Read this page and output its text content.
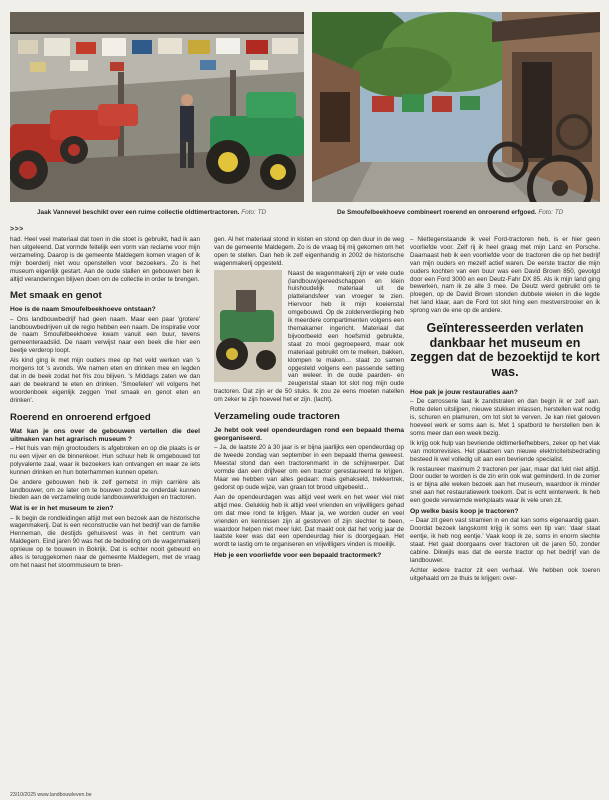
Jaak Vannevel beschikt over een ruime collectie oldtimertractoren. Foto: TD	De Smoufelbeekhoeve combineert roerend en onroerend erfgoed. Foto: TD
>>>

had. Heel veel materiaal dat toen in die stoet is gebruikt, had ik aan hen uitgeleend. Dat vormde feitelijk een vorm van reclame voor mijn verzameling. Daarop is de gemeente Maldegem komen vragen of ik mijn boerderij niet wou openstellen voor bezoekers. Zo is het museum eigenlijk gestart. Aan de oude stallen en gebouwen ben ik altijd veranderingen blijven doen om de collectie in order te brengen.

Met smaak en genot
Hoe is de naam Smoufelbeekhoeve ontstaan?

– Ons landbouwbedrijf had geen naam. Maar een paar 'grotere' landbouwbedrijven uit de regio hebben een naam. De inspiratie voor de naam Smoufelbeekhoeve kwam vanuit een buur, tevens gemeenteraadslid. De naam verwijst naar een beek die hier een beetje verderop loopt.

Als kind ging ik met mijn ouders mee op het veld werken van 's morgens tot 's avonds. We namen eten en drinken mee en legden dat in de beek zodat het fris zou blijven. 's Middags zaten we dan aan de beekrand te eten en drinken. 'Smoefelen' wil volgens het woordenboek eigenlijk zeggen 'met smaak en genot eten en drinken'.

Roerend en onroerend erfgoed
Wat kan je ons over de gebouwen vertellen die deel uitmaken van het agrarisch museum ?

– Het huis van mijn grootouders is afgebroken en op die plaats is er nu een vijver en de binnenkoer. Hun schuur heb ik omgebouwd tot polyvalente zaal, waar ik bezoekers kan ontvangen en waar ze iets kunnen drinken en hun boterhammen kunnen opeten.

De andere gebouwen heb ik zelf gemetst in mijn carrière als landbouwer, om ze later om te bouwen zodat ze onderdak kunnen bieden aan de verzameling oude landbouwwerktuigen en tractoren.

Wat is er in het museum te zien?

– Ik begin de rondleidingen altijd met een bezoek aan de historische wagenmakerij. Dat is een reconstructie van het bedrijf van de familie Henneman, die destijds gehuisvest was in het centrum van Maldegem. Eind jaren 90 was het de bedoeling om de wagenmakerij opnieuw op te bouwen in Bokrijk. Dat is echter nooit gebeurd en alles is teruggekomen naar de gemeente Maldegem, met de vraag om het naast het stoommuseum te bren-

gen. Al het materiaal stond in kisten en stond op den duur in de weg van de gemeente Maldegem. Zo is de vraag bij mij gekomen om het open te stellen. Dan heb ik zelf eigenhandig in 2002 de historische wagenmakerij opgesteld.

Naast de wagenmakerij zijn er vele oude (landbouw)gereedschappen en klein huishoudelijk materiaal uit de plattelandsfeer van vroeger te zien. Hiervoor heb ik mijn koeienstal omgebouwd. Op de zolderverdieping heb ik meerdere compartimenten volgens een themakamer ingericht. Materiaal dat bijvoorbeeld een hoefsmid gebruikte, staat zo mooi gegroepeerd, maar ook materiaal gebruikt om te melken, bakken, klompen te maken… staat zo samen opgesteld volgens een passende setting van weleer. In de oude paarden- en zeugenstal staan tot slot nog mijn oude tractoren. Dat zijn er de 50 stuks. Ik zou ze eens moeten natellen om zeker te zijn hoeveel het er zijn. (lacht).

Verzameling oude tractoren
Je hebt ook veel opendeurdagen rond een bepaald thema georganiseerd.

– Ja, de laatste 20 à 30 jaar is er bijna jaarlijks een opendeurdag op de tweede zondag van september in een bepaald thema geweest. Meestal stond dan een tractorenmarkt in de schijnwerper. Dat vormde dan een drijfveer om een tractor gerestaureerd te krijgen. Maar we hebben van alles gedaan: mais gehakseld, trekkertrek, gedorst op oude wijze, van graan tot brood uitgebeeld...

Aan de opendeurdagen was altijd veel werk en het weer viel niet altijd mee. Gelukkig heb ik altijd veel vrienden en vrijwilligers gehad om dat mee rond te krijgen. Maar ja, we worden ouder en veel vrienden en kennissen zijn al gestorven of zijn slechter te been, waardoor helpen niet meer lukt. Dat maakt ook dat het vorig jaar de laatste keer was dat een opendeurdag hier is doorgegaan. Het wordt te lastig om te organiseren en vrijwilligers vinden is moeilijk.

Heb je een voorliefde voor een bepaald tractormerk?

– Niettegenstaande ik veel Ford-tractoren heb, is er hier geen voorliefde voor. Zelf rij ik heel graag met mijn Lanz en Porsche. Daarnaast heb ik een voorliefde voor de tractoren die op het bedrijf van mijn ouders en mezelf actief waren. De eerste tractor die mijn ouders kochten van een buur was een David Brown 850, gevolgd door een Ford 3000 en een Deutz-Fahr DX 85. Als ik mijn land ging bewerken, nam ik ze alle 3 mee. De Deutz werd gebruikt om te ploegen, op de David Brown stonden dubbele wielen in die legde het land klaar, aan de Ford tot slot hing een mestverstrooier en ik sprong van de ene op de andere.

Geïnteresseerden verlaten dankbaar het museum en zeggen dat de bezoektijd te kort was.
Hoe pak je jouw restauraties aan?

– De carrosserie laat ik zandstralen en dan begin ik er zelf aan. Rotte delen uitslijpen, nieuwe stukken inlassen, herstellen wat nodig is, schuren en plamuren, om tot slot te verven. Je kan niet geloven hoeveel werk er soms aan is. Met 1 spatbord te herstellen ben ik soms meer dan een week bezig.

Ik krijg ook hulp van bevriende oldtimerliefhebbers, zeker op het vlak van motorrevisies. Het plaatsen van nieuwe elektriciteitsbedrading besteed ik wel volledig uit aan een bevriende specialist.

Ik restaureer maximum 2 tractoren per jaar, maar dat lukt niet altijd. Door ouder te worden is de zin erin ook wat geminderd. In de zomer is er bijna alle weken bezoek aan het museum, waardoor ik minder snel aan het restauratiewerk toekom. Dat is echt winterwerk. Ik heb een goede verwarmde werkplaats waar ik vele uren zit.

Op welke basis koop je tractoren?

– Daar zit geen vast stramien in en dat kan soms eigenaardig gaan. Doordat bezoek langskomt krijg ik soms een tip van: 'daar staat eentje, ik heb nog eentje.' Vaak koop ik ze, soms in enorm slechte staat. Het gaat doorgaans over tractoren uit de jaren 50, zonder cabine. Dikwijls was dat de eerste tractor op het bedrijf van de landbouwer.

Achter iedere tractor zit een verhaal. We hebben ook toeren uitgehaald om ze thuis te krijgen: over-

23/10/2025 www.landbouwleven.be
